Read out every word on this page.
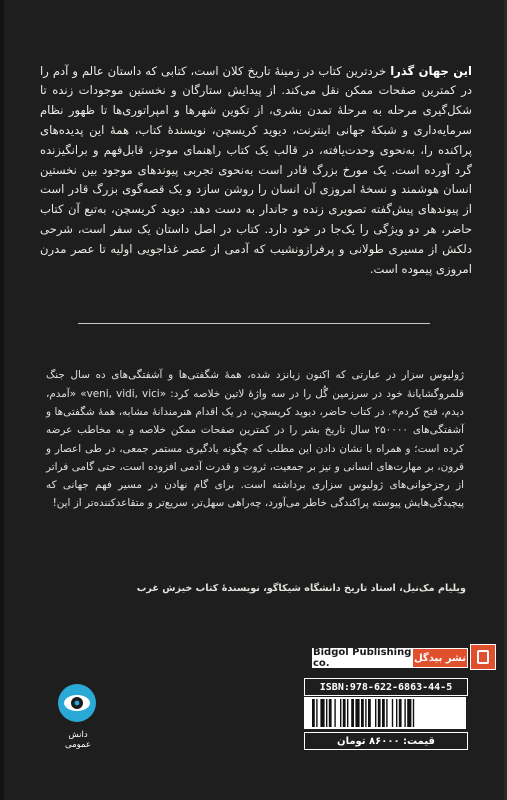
این جهان گذرا خردترین کتاب در زمینهٔ تاریخ کلان است، کتابی که داستان عالم و آدم را در کمترین صفحات ممکن نقل می‌کند. از پیدایش ستارگان و نخستین موجودات زنده تا شکل‌گیری مرحله به مرحلهٔ تمدن بشری، از تکوین شهرها و امپراتوری‌ها تا ظهور نظام سرمایه‌داری و شبکهٔ جهانی اینترنت، دیوید کریسچن، نویسندهٔ کتاب، همهٔ این پدیده‌های پراکنده را، به‌نحوی وحدت‌یافته، در قالب یک کتاب راهنمای موجز، قابل‌فهم و برانگیزنده گرد آورده است. یک مورخ بزرگ قادر است به‌نحوی تجربی پیوندهای موجود بین نخستین انسان هوشمند و نسخهٔ امروزی آن انسان را روشن سازد و یک قصه‌گوی بزرگ قادر است از پیوندهای پیش‌گفته تصویری زنده و جاندار به دست دهد. دیوید کریسچن، به‌تبع آن کتاب حاضر، هر دو ویژگی را یک‌جا در خود دارد. کتاب در اصل داستان یک سفر است، شرحی دلکش از مسیری طولانی و پرفرازونشیب که آدمی از عصر غذاجویی اولیه تا عصر مدرن امروزی پیموده است.

ژولیوس سزار در عبارتی که اکنون زبانزد شده، همهٔ شگفتی‌ها و آشفتگی‌های ده سال جنگ قلمروگشایانهٔ خود در سرزمین گُل را در سه واژهٔ لاتین خلاصه کرد: «veni, vidi, vici» «آمدم، دیدم، فتح کردم». در کتاب حاضر، دیوید کریسچن، در یک اقدام هنرمندانهٔ مشابه، همهٔ شگفتی‌ها و آشفتگی‌های ۲۵۰۰۰۰ سال تاریخ بشر را در کمترین صفحات ممکن خلاصه و به مخاطب عرضه کرده است؛ و همراه با نشان دادن این مطلب که چگونه یادگیری مستمر جمعی، در طی اعصار و قرون، بر مهارت‌های انسانی و نیز بر جمعیت، ثروت و قدرت آدمی افزوده است، حتی گامی فراتر از رجزخوانی‌های ژولیوس سزاری برداشته است. برای گام نهادن در مسیر فهم جهانی که پیچیدگی‌هایش پیوسته پراکندگی خاطر می‌آورد، چه‌راهی سهل‌تر، سریع‌تر و متقاعدکننده‌تر از این!

ویلیام مک‌نیل، استاد تاریخ دانشگاه شیکاگو، نویسندهٔ کتاب خیزش غرب
Bidgol Publishing co.	نشر بیدگل
ISBN:978-622-6863-44-5
قیمت: ۸۶۰۰۰ تومان
دانش عمومی
